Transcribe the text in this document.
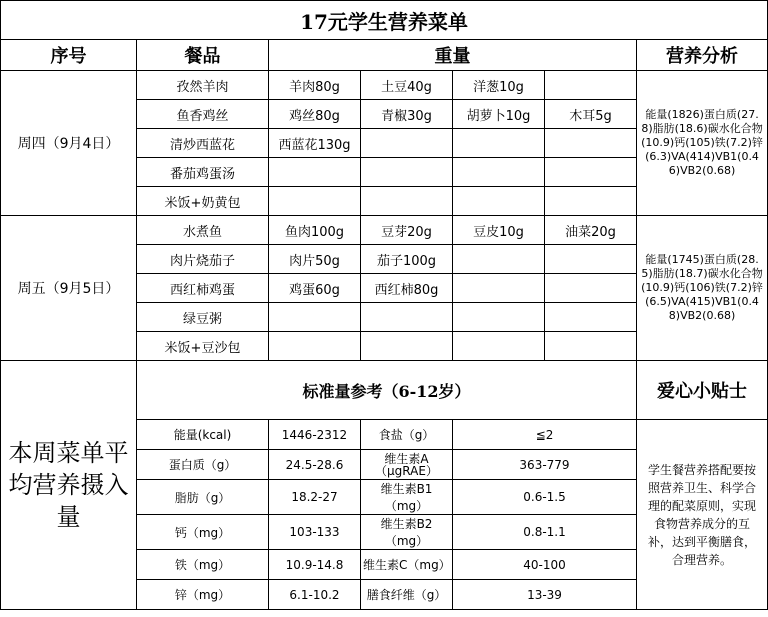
17元学生营养菜单						
序号	餐品	重量				营养分析
周四（9月4日）	孜然羊肉	羊肉80g	土豆40g	洋葱10g		能量(1826)蛋白质(27.8)脂肪(18.6)碳水化合物(10.9)钙(105)铁(7.2)锌(6.3)VA(414)VB1(0.46)VB2(0.68)
	鱼香鸡丝	鸡丝80g	青椒30g	胡萝卜10g	木耳5g	
	清炒西蓝花	西蓝花130g				
	番茄鸡蛋汤					
	米饭+奶黄包					
周五（9月5日）	水煮鱼	鱼肉100g	豆芽20g	豆皮10g	油菜20g	能量(1745)蛋白质(28.5)脂肪(18.7)碳水化合物(10.9)钙(106)铁(7.2)锌(6.5)VA(415)VB1(0.48)VB2(0.68)
	肉片烧茄子	肉片50g	茄子100g			
	西红柿鸡蛋	鸡蛋60g	西红柿80g			
	绿豆粥					
	米饭+豆沙包					
本周菜单平均营养摄入量	标准量参考（6-12岁）					爱心小贴士
	能量(kcal)	1446-2312	食盐（g）	≦2		学生餐营养搭配要按照营养卫生、科学合理的配菜原则，实现食物营养成分的互补，达到平衡膳食，合理营养。
	蛋白质（g）	24.5-28.6	维生素A（μgRAE）	363-779		
	脂肪（g）	18.2-27	维生素B1（mg）	0.6-1.5		
	钙（mg）	103-133	维生素B2（mg）	0.8-1.1		
	铁（mg）	10.9-14.8	维生素C（mg）	40-100		
	锌（mg）	6.1-10.2	膳食纤维（g）	13-39		
